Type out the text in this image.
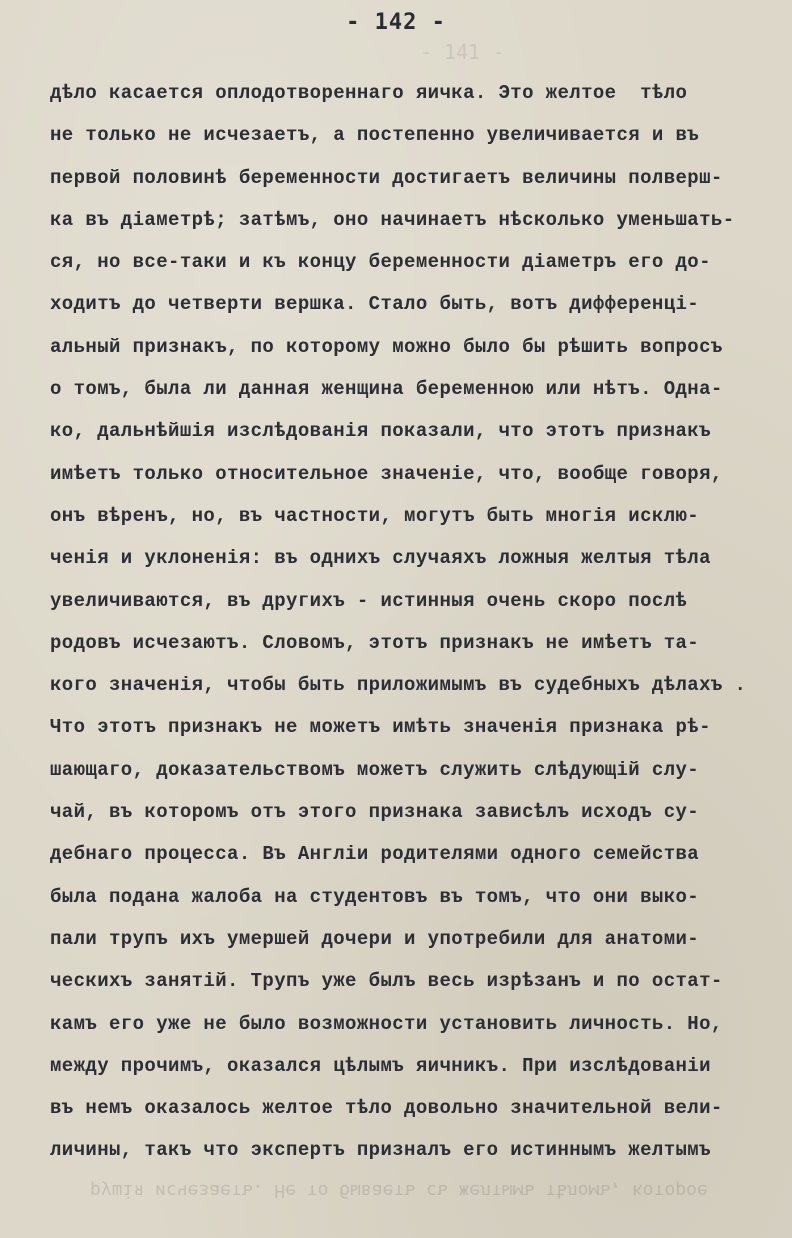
- 141 -
- 142 -
дѣло касается оплодотвореннаго яичка. Это желтое  тѣло
не только не исчезаетъ, а постепенно увеличивается и въ
первой половинѣ беременности достигаетъ величины полверш-
ка въ діаметрѣ; затѣмъ, оно начинаетъ нѣсколько уменьшать-
ся, но все-таки и къ концу беременности діаметръ его до-
ходитъ до четверти вершка. Стало быть, вотъ дифференці-
альный признакъ, по которому можно было бы рѣшить вопросъ
о томъ, была ли данная женщина беременною или нѣтъ. Одна-
ко, дальнѣйшія изслѣдованія показали, что этотъ признакъ
имѣетъ только относительное значеніе, что, вообще говоря,
онъ вѣренъ, но, въ частности, могутъ быть многія исклю-
ченія и уклоненія: въ однихъ случаяхъ ложныя желтыя тѣла
увеличиваются, въ другихъ - истинныя очень скоро послѣ
родовъ исчезаютъ. Словомъ, этотъ признакъ не имѣетъ та-
кого значенія, чтобы быть приложимымъ въ судебныхъ дѣлахъ .
Что этотъ признакъ не можетъ имѣть значенія признака рѣ-
шающаго, доказательствомъ можетъ служить слѣдующій слу-
чай, въ которомъ отъ этого признака зависѣлъ исходъ су-
дебнаго процесса. Въ Англіи родителями одного семейства
была подана жалоба на студентовъ въ томъ, что они выко-
пали трупъ ихъ умершей дочери и употребили для анатоми-
ческихъ занятій. Трупъ уже былъ весь изрѣзанъ и по остат-
камъ его уже не было возможности установить личность. Но,
между прочимъ, оказался цѣлымъ яичникъ. При изслѣдованіи
въ немъ оказалось желтое тѣло довольно значительной вели-
личины, такъ что экспертъ призналъ его истиннымъ желтымъ
рушія исчезаетъ. Не то бываетъ съ желтымъ тѣломъ, которое
